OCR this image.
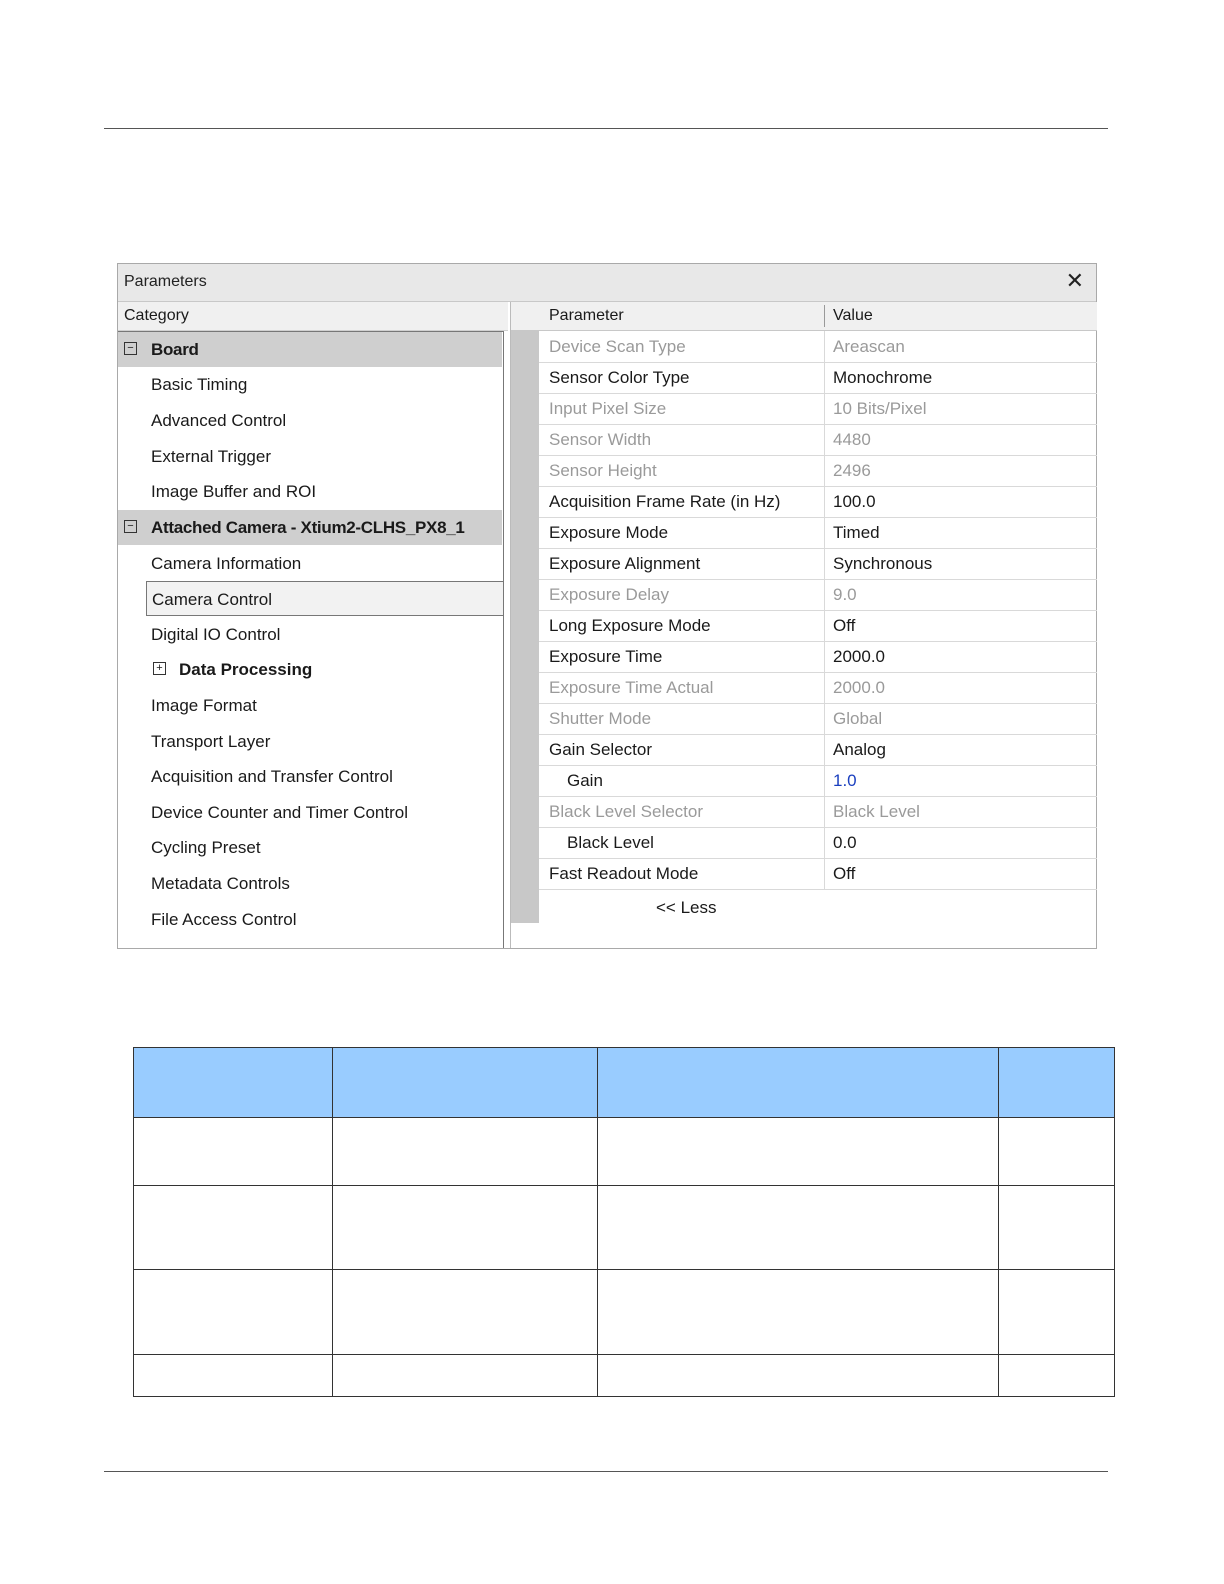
Parameters	✕
Category
− Board
Basic Timing
Advanced Control
External Trigger
Image Buffer and ROI
− Attached Camera - Xtium2-CLHS_PX8_1
Camera Information
Camera Control
Digital IO Control
+ Data Processing
Image Format
Transport Layer
Acquisition and Transfer Control
Device Counter and Timer Control
Cycling Preset
Metadata Controls
File Access Control
Parameter	Value
Device Scan Type	Areascan
Sensor Color Type	Monochrome
Input Pixel Size	10 Bits/Pixel
Sensor Width	4480
Sensor Height	2496
Acquisition Frame Rate (in Hz)	100.0
Exposure Mode	Timed
Exposure Alignment	Synchronous
Exposure Delay	9.0
Long Exposure Mode	Off
Exposure Time	2000.0
Exposure Time Actual	2000.0
Shutter Mode	Global
Gain Selector	Analog
Gain	1.0
Black Level Selector	Black Level
Black Level	0.0
Fast Readout Mode	Off
<< Less
